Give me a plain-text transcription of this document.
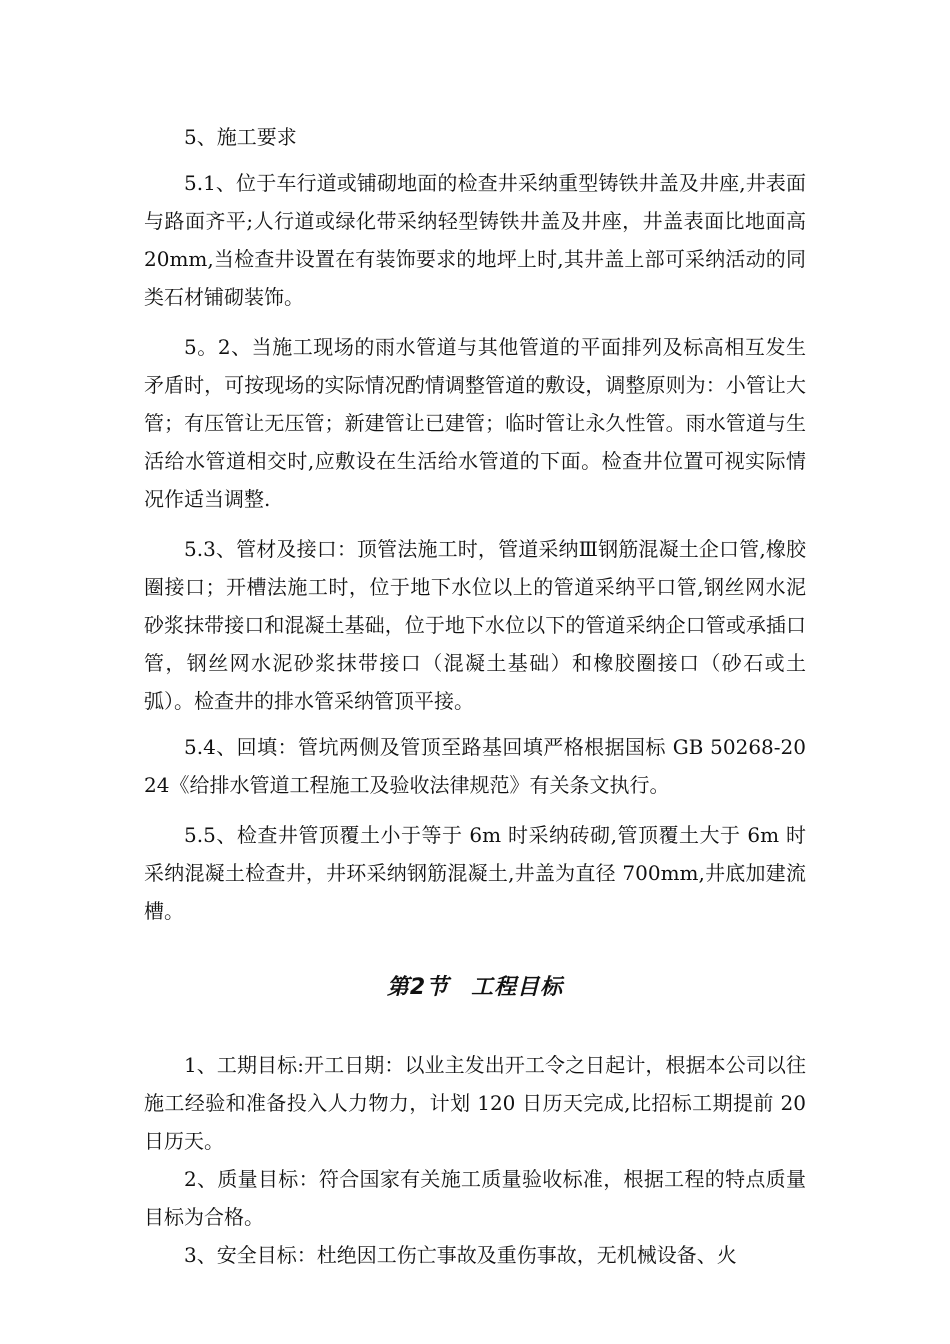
5、施工要求

5.1、位于车行道或铺砌地面的检查井采纳重型铸铁井盖及井座,井表面与路面齐平;人行道或绿化带采纳轻型铸铁井盖及井座，井盖表面比地面高 20mm,当检查井设置在有装饰要求的地坪上时,其井盖上部可采纳活动的同类石材铺砌装饰。

5。2、当施工现场的雨水管道与其他管道的平面排列及标高相互发生矛盾时，可按现场的实际情况酌情调整管道的敷设，调整原则为：小管让大管；有压管让无压管；新建管让已建管；临时管让永久性管。雨水管道与生活给水管道相交时,应敷设在生活给水管道的下面。检查井位置可视实际情况作适当调整.

5.3、管材及接口：顶管法施工时，管道采纳Ⅲ钢筋混凝土企口管,橡胶圈接口；开槽法施工时，位于地下水位以上的管道采纳平口管,钢丝网水泥砂浆抹带接口和混凝土基础，位于地下水位以下的管道采纳企口管或承插口管，钢丝网水泥砂浆抹带接口（混凝土基础）和橡胶圈接口（砂石或土弧）。检查井的排水管采纳管顶平接。

5.4、回填：管坑两侧及管顶至路基回填严格根据国标 GB 50268-2024《给排水管道工程施工及验收法律规范》有关条文执行。

5.5、检查井管顶覆土小于等于 6m 时采纳砖砌,管顶覆土大于 6m 时采纳混凝土检查井，井环采纳钢筋混凝土,井盖为直径 700mm,井底加建流槽。

第2节 工程目标

1、工期目标:开工日期：以业主发出开工令之日起计，根据本公司以往施工经验和准备投入人力物力，计划 120 日历天完成,比招标工期提前 20 日历天。

2、质量目标：符合国家有关施工质量验收标准，根据工程的特点质量目标为合格。

3、安全目标：杜绝因工伤亡事故及重伤事故，无机械设备、火
